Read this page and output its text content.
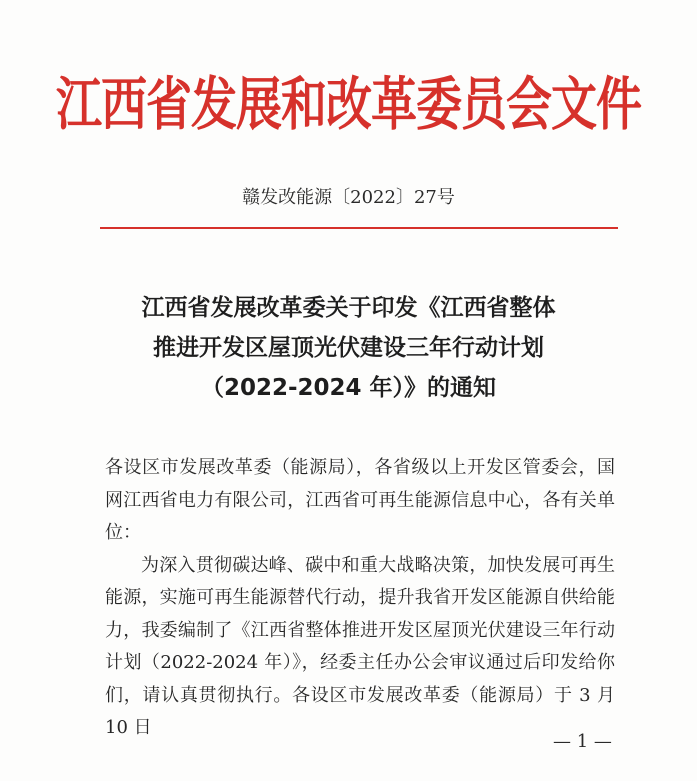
江西省发展和改革委员会文件
赣发改能源〔2022〕27号
江西省发展改革委关于印发《江西省整体
推进开发区屋顶光伏建设三年行动计划
（2022-2024 年）》的通知

各设区市发展改革委（能源局），各省级以上开发区管委会，国网江西省电力有限公司，江西省可再生能源信息中心，各有关单位：

为深入贯彻碳达峰、碳中和重大战略决策，加快发展可再生能源，实施可再生能源替代行动，提升我省开发区能源自供给能力，我委编制了《江西省整体推进开发区屋顶光伏建设三年行动计划（2022-2024 年）》，经委主任办公会审议通过后印发给你们，请认真贯彻执行。各设区市发展改革委（能源局）于 3 月 10 日

— 1 —
